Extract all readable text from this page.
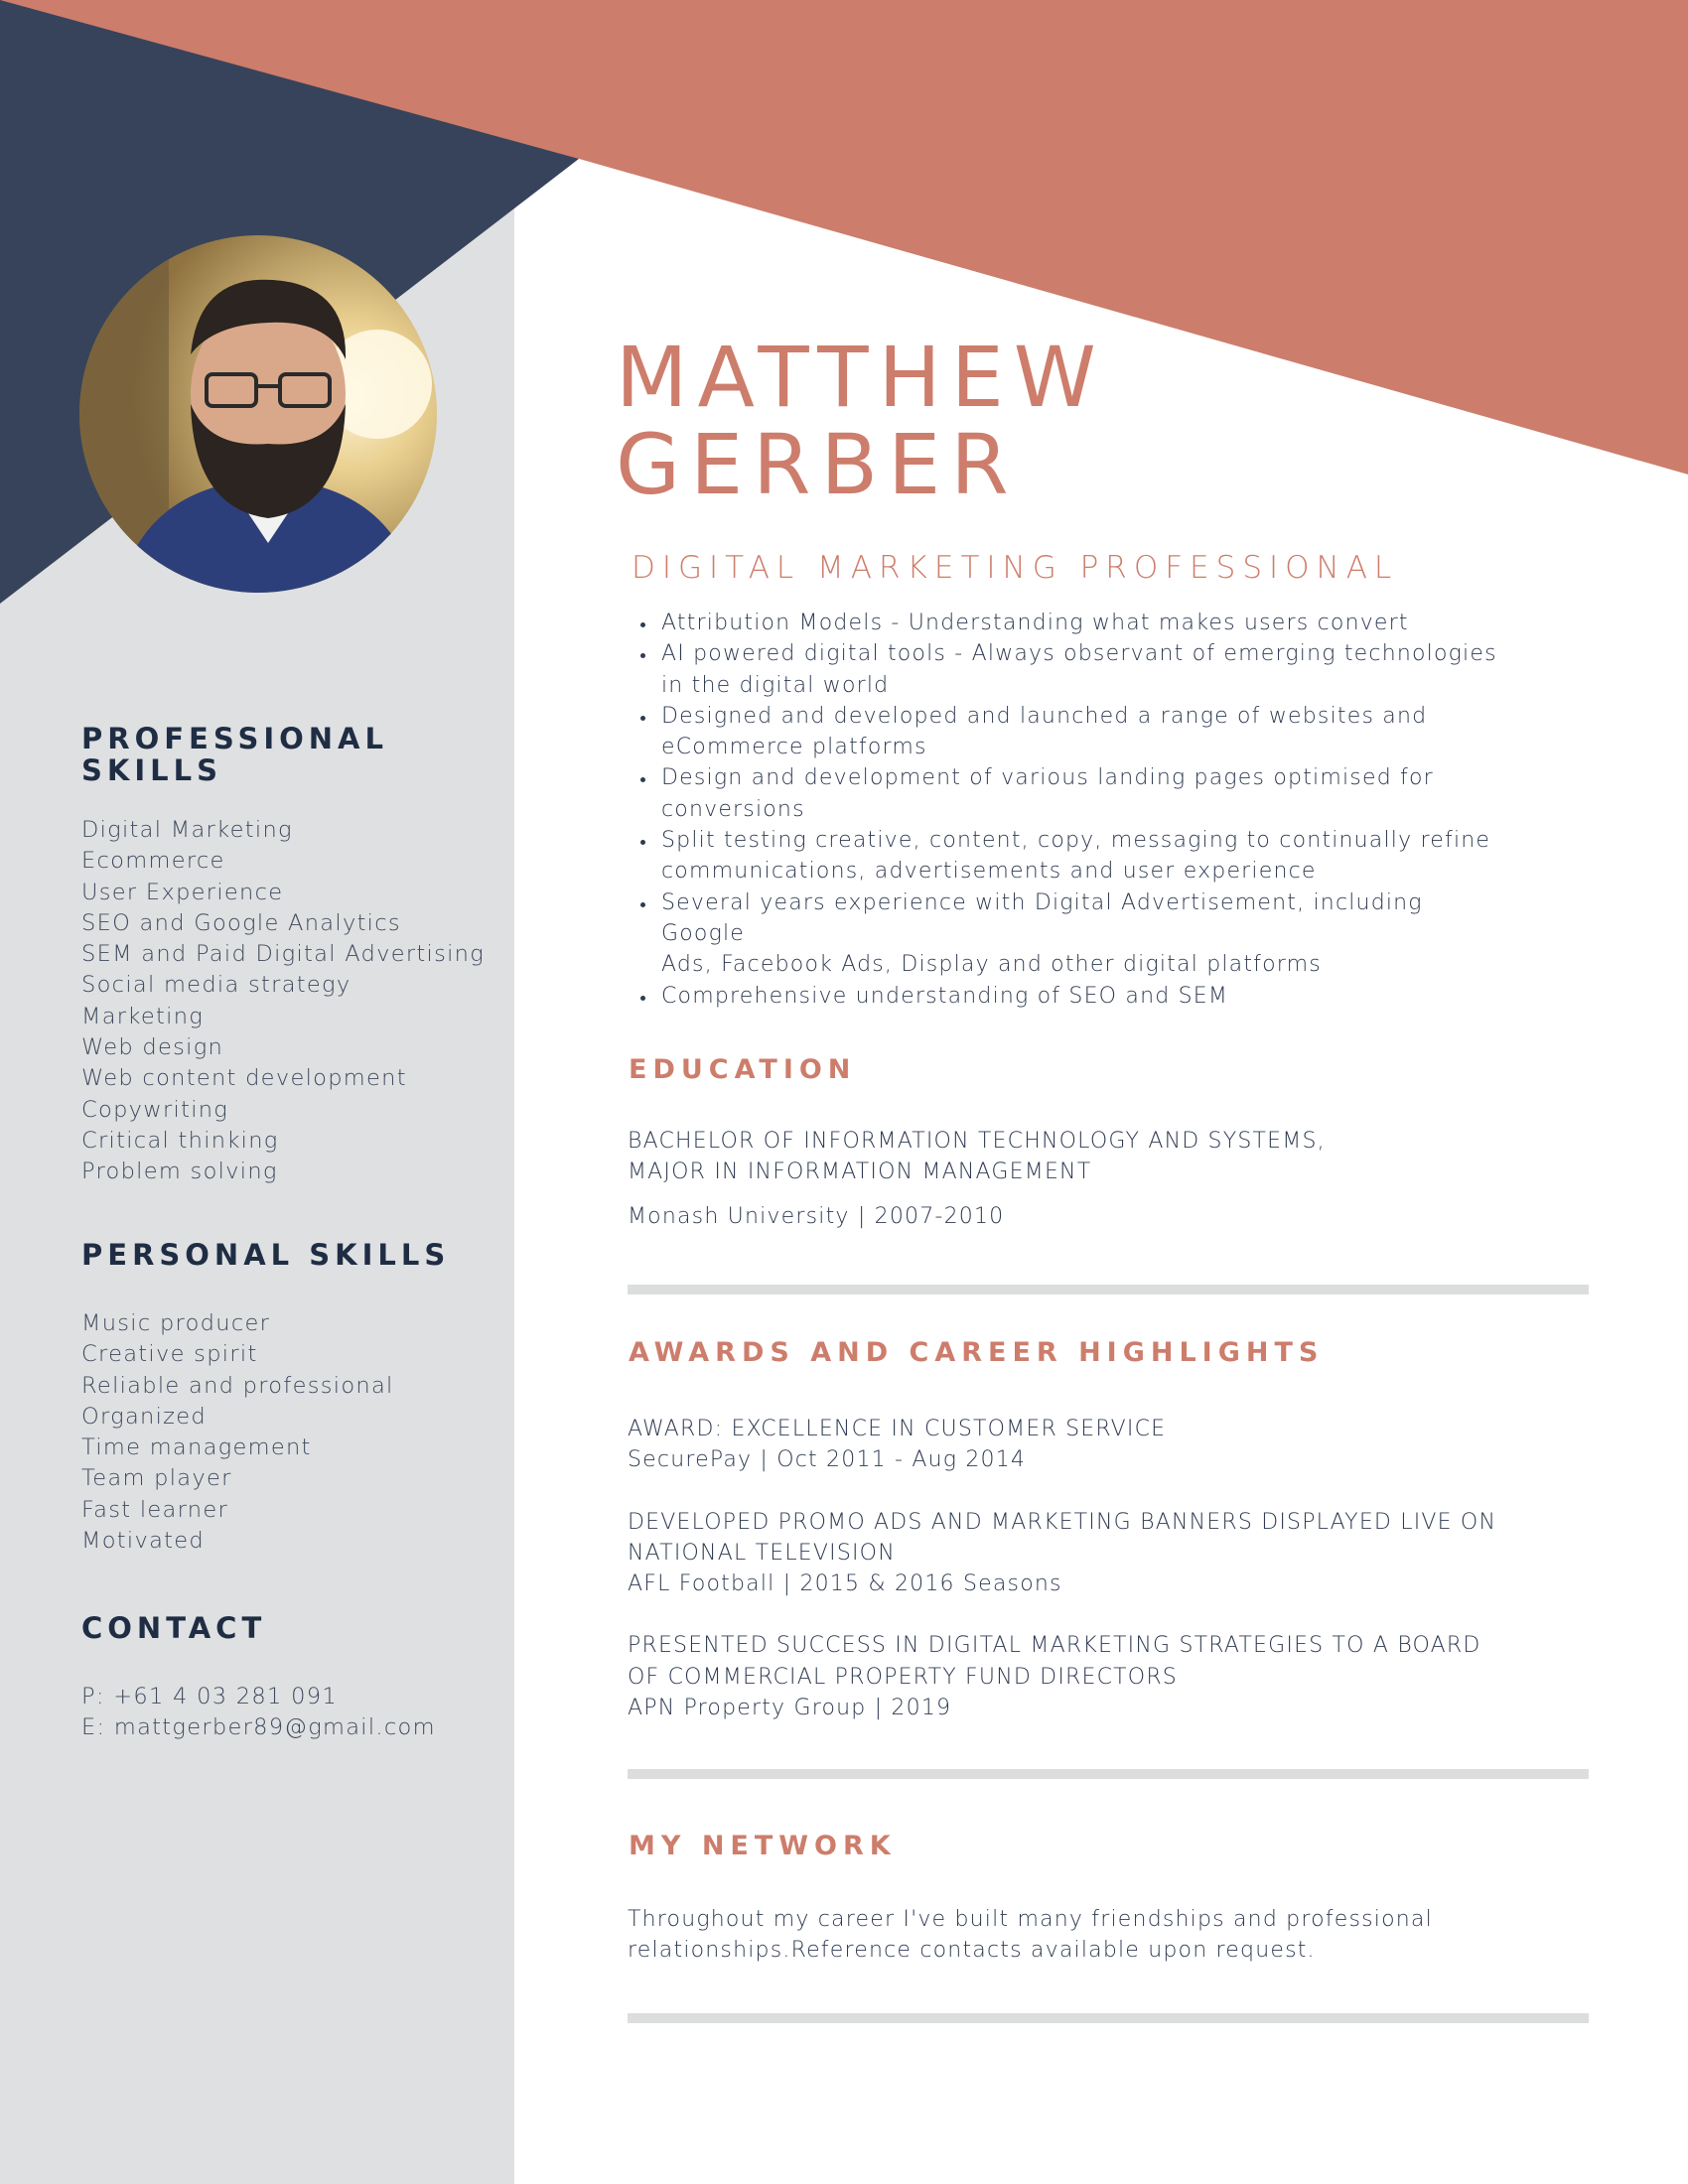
PROFESSIONAL
SKILLS
Digital Marketing
Ecommerce
User Experience
SEO and Google Analytics
SEM and Paid Digital Advertising
Social media strategy
Marketing
Web design
Web content development
Copywriting
Critical thinking
Problem solving
PERSONAL SKILLS
Music producer
Creative spirit
Reliable and professional
Organized
Time management
Team player
Fast learner
Motivated
CONTACT
P: +61 4 03 281 091
E: mattgerber89@gmail.com
MATTHEW
GERBER
DIGITAL MARKETING PROFESSIONAL
• Attribution Models - Understanding what makes users convert
• AI powered digital tools - Always observant of emerging technologies
in the digital world
• Designed and developed and launched a range of websites and
eCommerce platforms
• Design and development of various landing pages optimised for
conversions
• Split testing creative, content, copy, messaging to continually refine
communications, advertisements and user experience
• Several years experience with Digital Advertisement, including Google
Ads, Facebook Ads, Display and other digital platforms
• Comprehensive understanding of SEO and SEM
EDUCATION
BACHELOR OF INFORMATION TECHNOLOGY AND SYSTEMS,
MAJOR IN INFORMATION MANAGEMENT
Monash University | 2007-2010
AWARDS AND CAREER HIGHLIGHTS
AWARD: EXCELLENCE IN CUSTOMER SERVICE
SecurePay | Oct 2011 - Aug 2014
DEVELOPED PROMO ADS AND MARKETING BANNERS DISPLAYED LIVE ON
NATIONAL TELEVISION
AFL Football | 2015 & 2016 Seasons
PRESENTED SUCCESS IN DIGITAL MARKETING STRATEGIES TO A BOARD
OF COMMERCIAL PROPERTY FUND DIRECTORS
APN Property Group | 2019
MY NETWORK
Throughout my career I've built many friendships and professional
relationships.Reference contacts available upon request.
